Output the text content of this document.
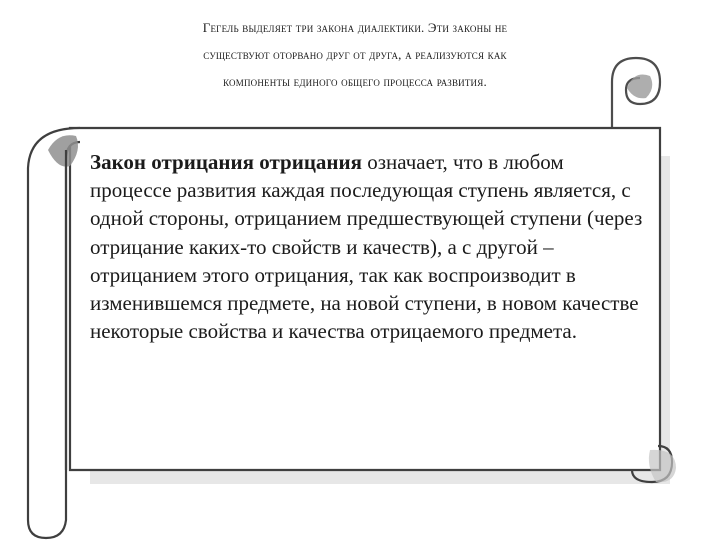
Гегель выделяет три закона диалектики. Эти законы не
существуют оторвано друг от друга, а реализуются как
компоненты единого общего процесса развития.
Закон отрицания отрицания означает, что в любом процессе развития каждая последующая ступень является, с одной стороны, отрицанием предшествующей ступени (через отрицание каких-то свойств и качеств), а с другой – отрицанием этого отрицания, так как воспроизводит в изменившемся предмете, на новой ступени, в новом качестве некоторые свойства и качества отрицаемого предмета.
